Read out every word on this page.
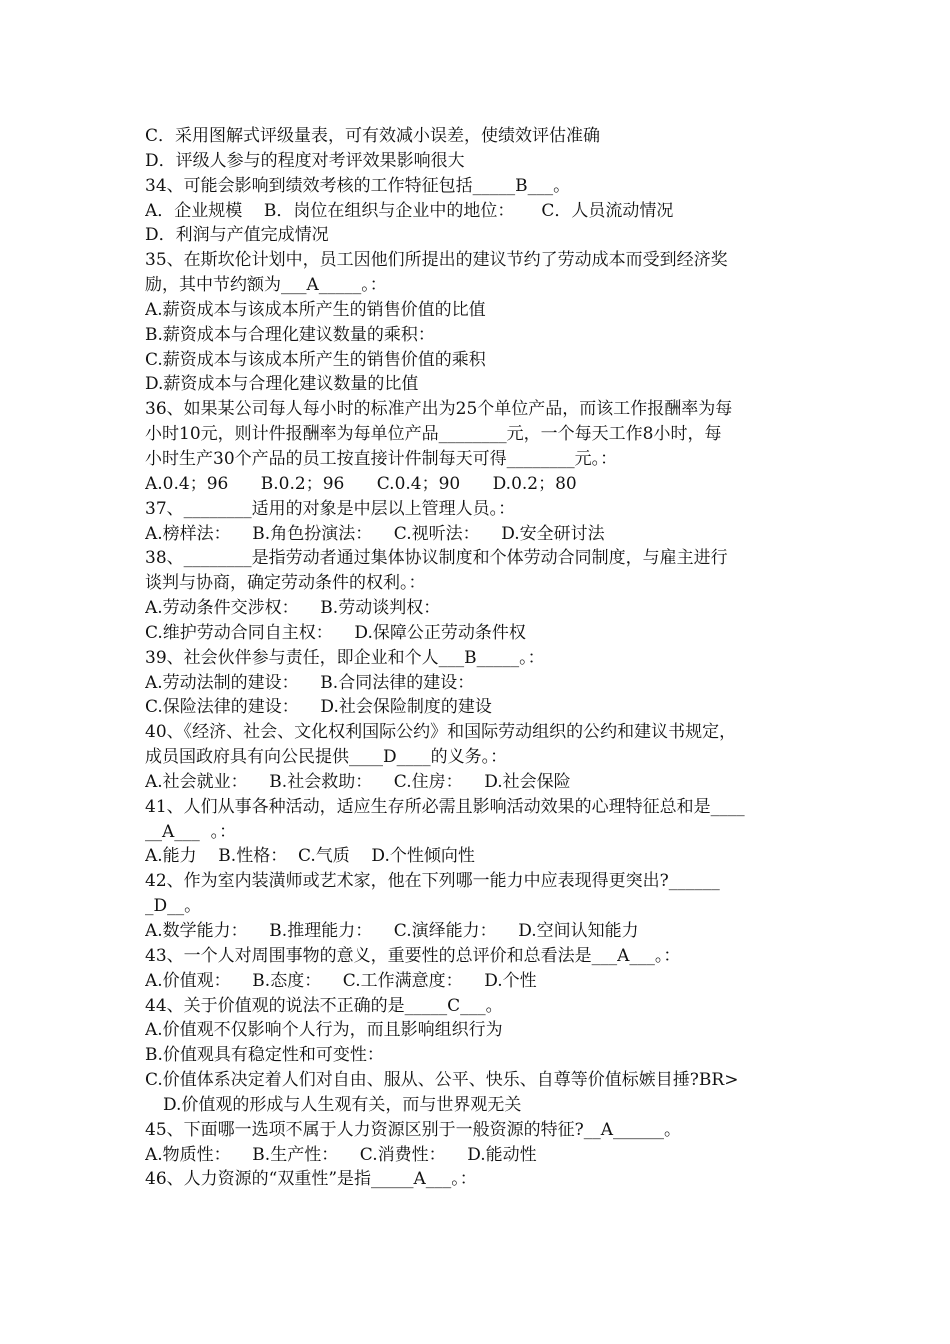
C．采用图解式评级量表，可有效减小误差，使绩效评估准确
D．评级人参与的程度对考评效果影响很大
34、可能会影响到绩效考核的工作特征包括_____B___。
A．企业规模    B．岗位在组织与企业中的地位：     C．人员流动情况
D．利润与产值完成情况
35、在斯坎伦计划中，员工因他们所提出的建议节约了劳动成本而受到经济奖
励，其中节约额为___A_____。：
A.薪资成本与该成本所产生的销售价值的比值
B.薪资成本与合理化建议数量的乘积：
C.薪资成本与该成本所产生的销售价值的乘积
D.薪资成本与合理化建议数量的比值
36、如果某公司每人每小时的标准产出为25个单位产品，而该工作报酬率为每
小时10元，则计件报酬率为每单位产品________元，一个每天工作8小时，每
小时生产30个产品的员工按直接计件制每天可得________元。：
A.0.4；96      B.0.2；96      C.0.4；90      D.0.2；80
37、________适用的对象是中层以上管理人员。：
A.榜样法：    B.角色扮演法：    C.视听法：    D.安全研讨法
38、________是指劳动者通过集体协议制度和个体劳动合同制度，与雇主进行
谈判与协商，确定劳动条件的权利。：
A.劳动条件交涉权：    B.劳动谈判权：
C.维护劳动合同自主权：    D.保障公正劳动条件权
39、社会伙伴参与责任，即企业和个人___B_____。：
A.劳动法制的建设：    B.合同法律的建设：
C.保险法律的建设：    D.社会保险制度的建设
40、《经济、社会、文化权利国际公约》和国际劳动组织的公约和建议书规定，
成员国政府具有向公民提供____D____的义务。：
A.社会就业：    B.社会救助：    C.住房：    D.社会保险
41、人们从事各种活动，适应生存所必需且影响活动效果的心理特征总和是____
__A___  。：
A.能力    B.性格：  C.气质    D.个性倾向性
42、作为室内装潢师或艺术家，他在下列哪一能力中应表现得更突出?______
_D__。
A.数学能力：    B.推理能力：    C.演绎能力：    D.空间认知能力
43、一个人对周围事物的意义，重要性的总评价和总看法是___A___。：
A.价值观：    B.态度：    C.工作满意度：    D.个性
44、关于价值观的说法不正确的是_____C___。
A.价值观不仅影响个人行为，而且影响组织行为
B.价值观具有稳定性和可变性：
C.价值体系决定着人们对自由、服从、公平、快乐、自尊等价值标嫉目捶?BR>
D.价值观的形成与人生观有关，而与世界观无关
45、下面哪一选项不属于人力资源区别于一般资源的特征?__A______。
A.物质性：    B.生产性：    C.消费性：    D.能动性
46、人力资源的“双重性”是指_____A___。：
